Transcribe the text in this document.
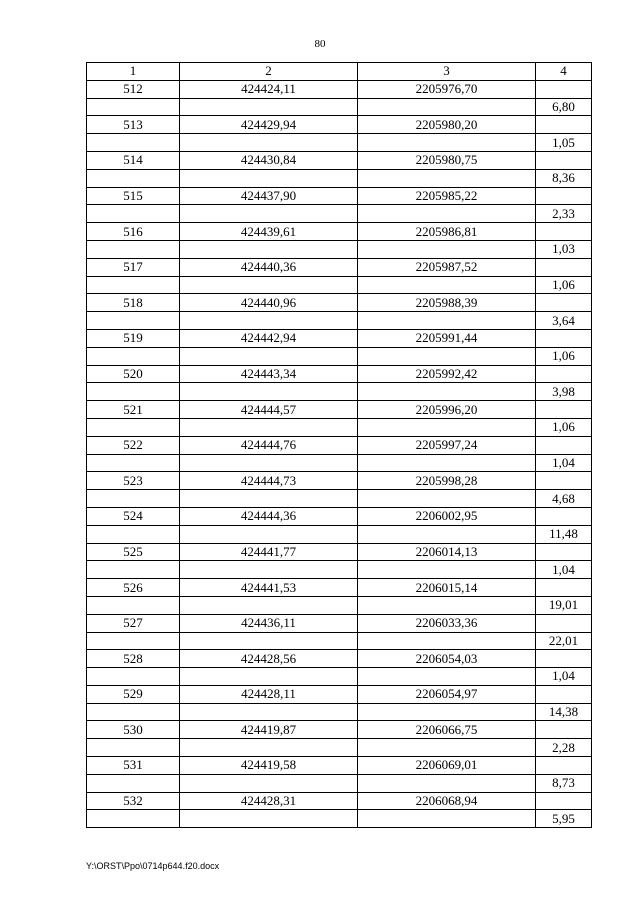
80
1	2	3	4
512	424424,11	2205976,70	
			6,80
513	424429,94	2205980,20	
			1,05
514	424430,84	2205980,75	
			8,36
515	424437,90	2205985,22	
			2,33
516	424439,61	2205986,81	
			1,03
517	424440,36	2205987,52	
			1,06
518	424440,96	2205988,39	
			3,64
519	424442,94	2205991,44	
			1,06
520	424443,34	2205992,42	
			3,98
521	424444,57	2205996,20	
			1,06
522	424444,76	2205997,24	
			1,04
523	424444,73	2205998,28	
			4,68
524	424444,36	2206002,95	
			11,48
525	424441,77	2206014,13	
			1,04
526	424441,53	2206015,14	
			19,01
527	424436,11	2206033,36	
			22,01
528	424428,56	2206054,03	
			1,04
529	424428,11	2206054,97	
			14,38
530	424419,87	2206066,75	
			2,28
531	424419,58	2206069,01	
			8,73
532	424428,31	2206068,94	
			5,95
Y:\ORST\Ppo\0714p644.f20.docx
